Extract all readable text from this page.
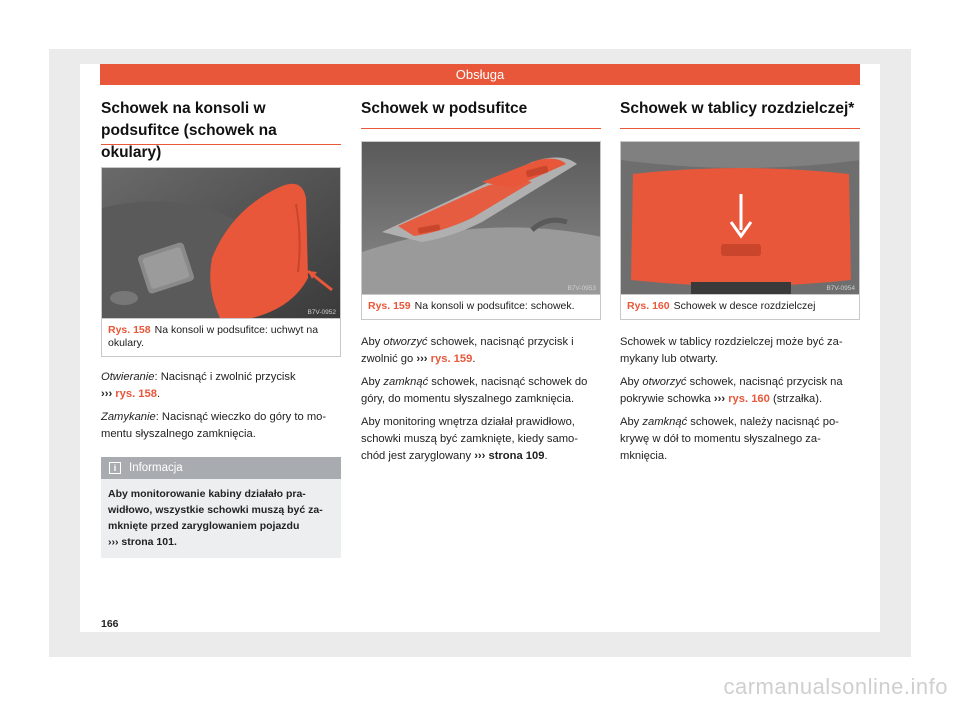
Obsługa
Schowek na konsoli w podsufitce (schowek na okulary)
B7V-0952
Rys. 158 Na konsoli w podsufitce: uchwyt na okulary.

Otwieranie: Nacisnąć i zwolnić przycisk
››› rys. 158.

Zamykanie: Nacisnąć wieczko do góry to mo-mentu słyszalnego zamknięcia.

i	Informacja
Aby monitorowanie kabiny działało pra-widłowo, wszystkie schowki muszą być za-mknięte przed zaryglowaniem pojazdu
››› strona 101.
Schowek w podsufitce
B7V-0953
Rys. 159 Na konsoli w podsufitce: schowek.

Aby otworzyć schowek, nacisnąć przycisk i zwolnić go ››› rys. 159.

Aby zamknąć schowek, nacisnąć schowek do góry, do momentu słyszalnego zamknięcia.

Aby monitoring wnętrza działał prawidłowo, schowki muszą być zamknięte, kiedy samo-chód jest zaryglowany ››› strona 109.

Schowek w tablicy rozdzielczej*
B7V-0954
Rys. 160 Schowek w desce rozdzielczej

Schowek w tablicy rozdzielczej może być za-mykany lub otwarty.

Aby otworzyć schowek, nacisnąć przycisk na pokrywie schowka ››› rys. 160 (strzałka).

Aby zamknąć schowek, należy nacisnąć po-krywę w dół to momentu słyszalnego za-mknięcia.

166
carmanualsonline.info
